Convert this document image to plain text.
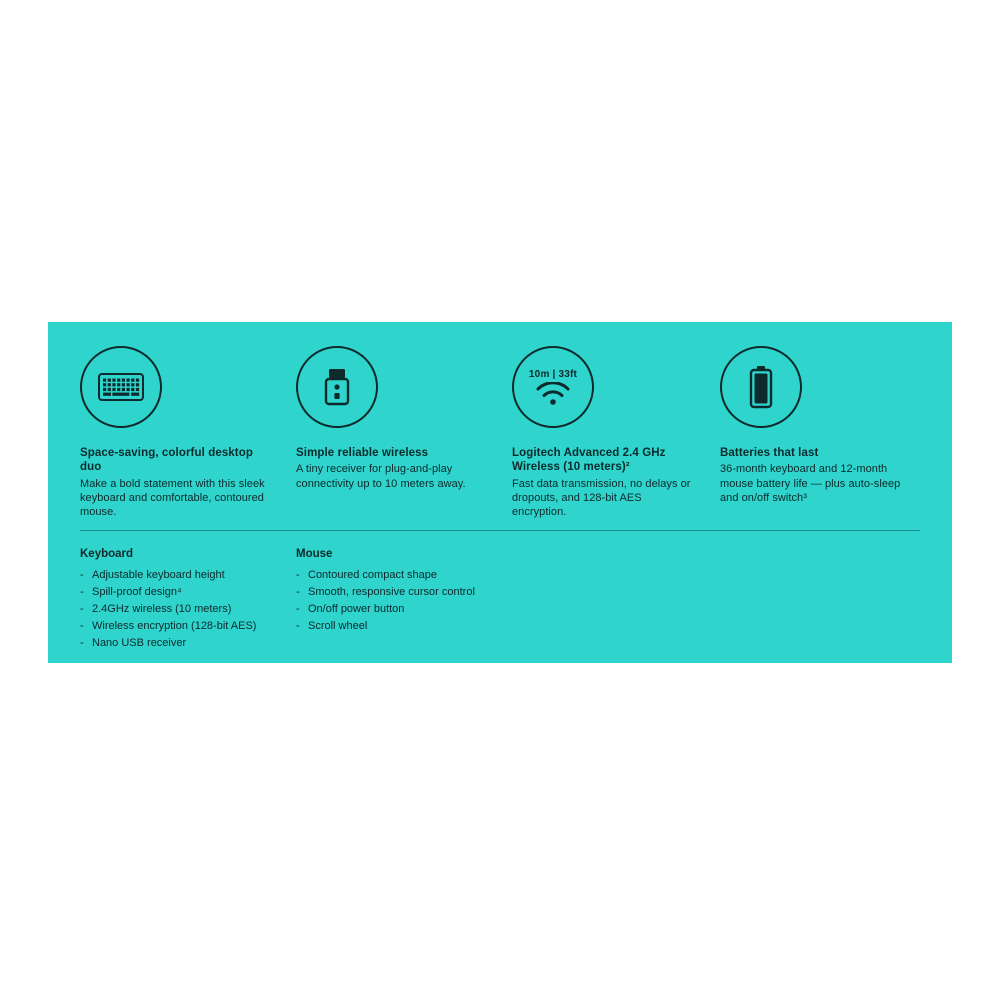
Space-saving, colorful desktop duo
Make a bold statement with this sleek keyboard and comfortable, contoured mouse.
Simple reliable wireless
A tiny receiver for plug-and-play connectivity up to 10 meters away.
10m | 33ft
Logitech Advanced 2.4 GHz Wireless (10 meters)²
Fast data transmission, no delays or dropouts, and 128-bit AES encryption.
Batteries that last
36-month keyboard and 12-month mouse battery life — plus auto-sleep and on/off switch³
Keyboard
- Adjustable keyboard height
- Spill-proof design⁴
- 2.4GHz wireless (10 meters)
- Wireless encryption (128-bit AES)
- Nano USB receiver
Mouse
- Contoured compact shape
- Smooth, responsive cursor control
- On/off power button
- Scroll wheel
